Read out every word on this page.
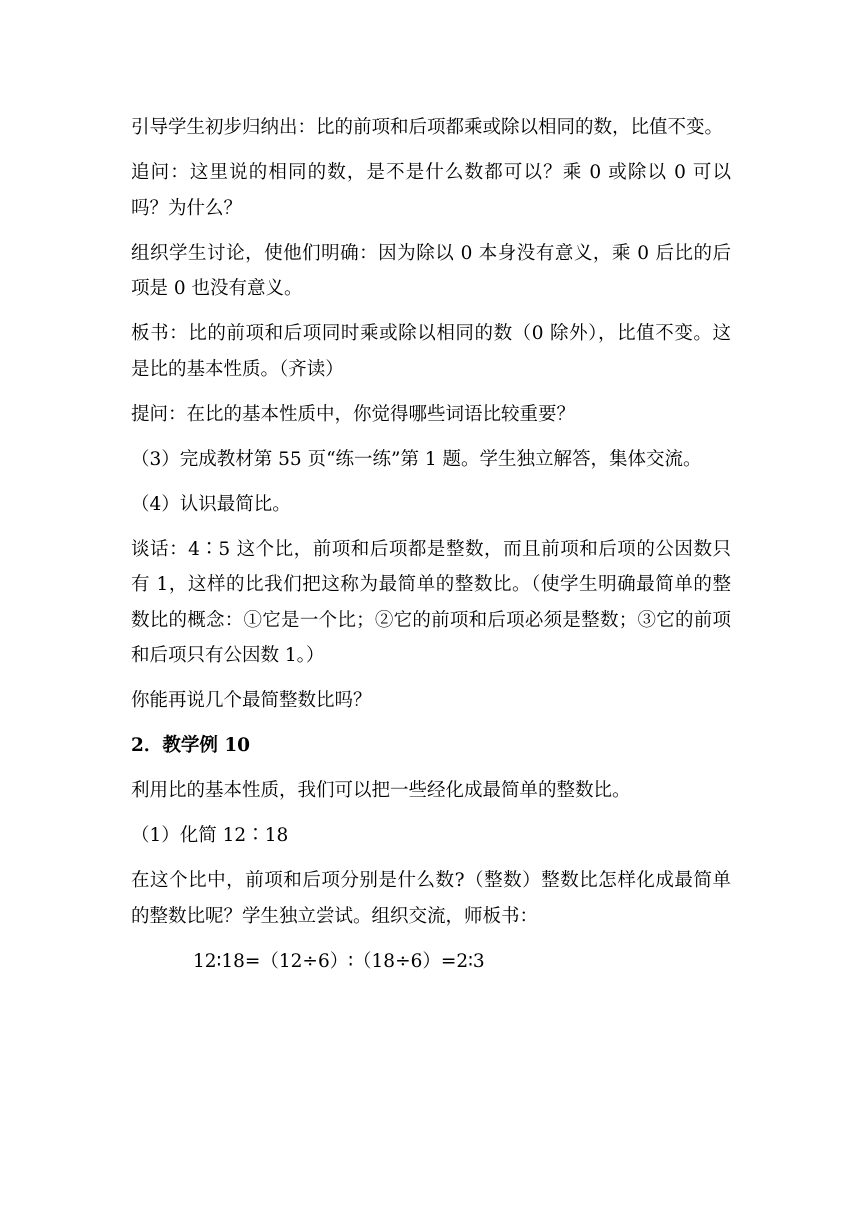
引导学生初步归纳出：比的前项和后项都乘或除以相同的数，比值不变。

追问：这里说的相同的数，是不是什么数都可以？乘 0 或除以 0 可以吗？为什么？

组织学生讨论，使他们明确：因为除以 0 本身没有意义，乘 0 后比的后项是 0 也没有意义。

板书：比的前项和后项同时乘或除以相同的数（0 除外），比值不变。这是比的基本性质。（齐读）

提问：在比的基本性质中，你觉得哪些词语比较重要？

（3）完成教材第 55 页“练一练”第 1 题。学生独立解答，集体交流。

（4）认识最简比。

谈话：4∶5 这个比，前项和后项都是整数，而且前项和后项的公因数只有 1，这样的比我们把这称为最简单的整数比。（使学生明确最简单的整数比的概念：①它是一个比；②它的前项和后项必须是整数；③它的前项和后项只有公因数 1。）

你能再说几个最简整数比吗？

2．教学例 10

利用比的基本性质，我们可以把一些经化成最简单的整数比。

（1）化简 12∶18

在这个比中，前项和后项分别是什么数?（整数）整数比怎样化成最简单的整数比呢？学生独立尝试。组织交流，师板书：

12∶18=（12÷6）∶（18÷6）=2∶3
